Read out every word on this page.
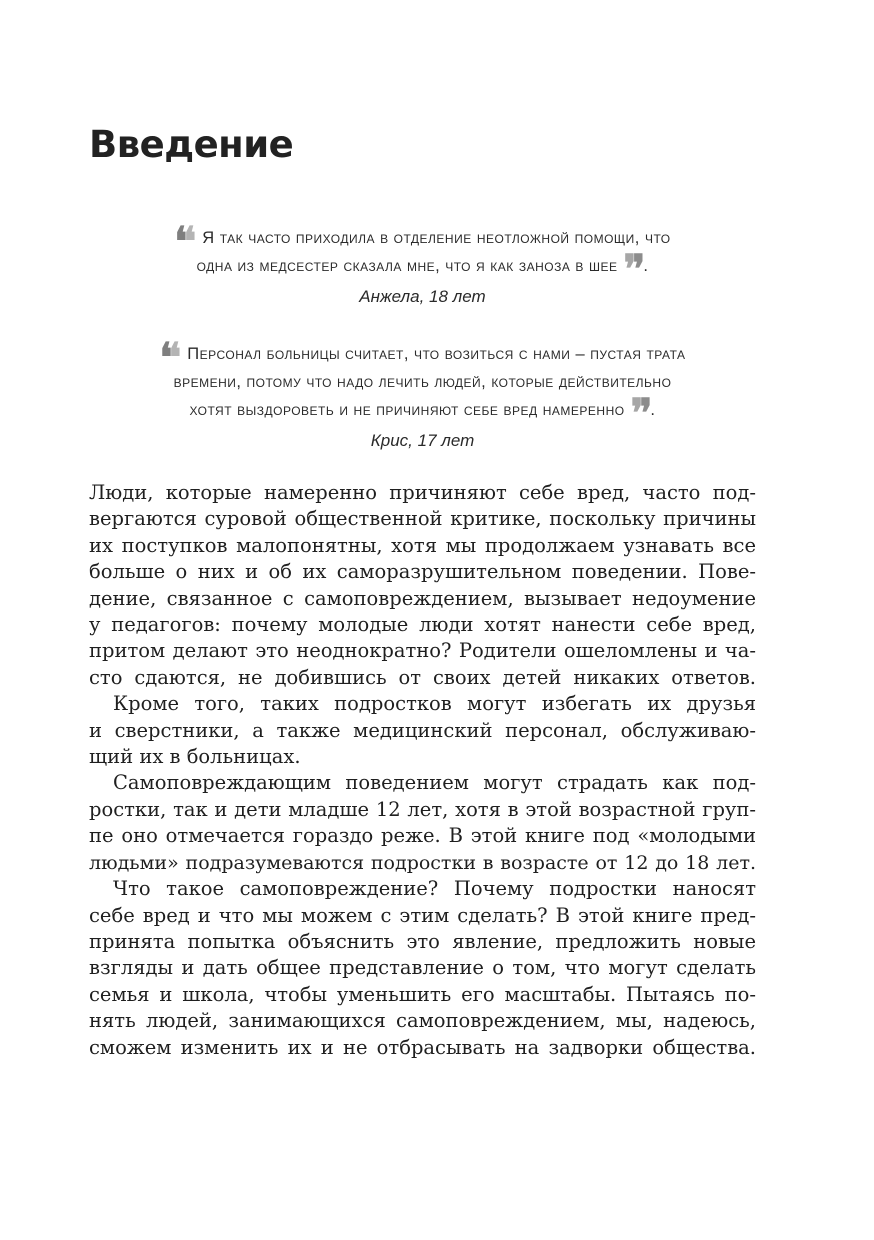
Введение
❛❛ Я так часто приходила в отделение неотложной помощи, что
одна из медсестер сказала мне, что я как заноза в шее ❜❜ .
Анжела, 18 лет
❛❛ Персонал больницы считает, что возиться с нами – пустая трата
времени, потому что надо лечить людей, которые действительно
хотят выздороветь и не причиняют себе вред намеренно ❜❜ .
Крис, 17 лет
Люди, которые намеренно причиняют себе вред, часто под-
вергаются суровой общественной критике, поскольку причины
их поступков малопонятны, хотя мы продолжаем узнавать все
больше о них и об их саморазрушительном поведении. Пове-
дение, связанное с самоповреждением, вызывает недоумение
у педагогов: почему молодые люди хотят нанести себе вред,
притом делают это неоднократно? Родители ошеломлены и ча-
сто сдаются, не добившись от своих детей никаких ответов.
Кроме того, таких подростков могут избегать их друзья
и сверстники, а также медицинский персонал, обслуживаю-
щий их в больницах.
Самоповреждающим поведением могут страдать как под-
ростки, так и дети младше 12 лет, хотя в этой возрастной груп-
пе оно отмечается гораздо реже. В этой книге под «молодыми
людьми» подразумеваются подростки в возрасте от 12 до 18 лет.
Что такое самоповреждение? Почему подростки наносят
себе вред и что мы можем с этим сделать? В этой книге пред-
принята попытка объяснить это явление, предложить новые
взгляды и дать общее представление о том, что могут сделать
семья и школа, чтобы уменьшить его масштабы. Пытаясь по-
нять людей, занимающихся самоповреждением, мы, надеюсь,
сможем изменить их и не отбрасывать на задворки общества.
